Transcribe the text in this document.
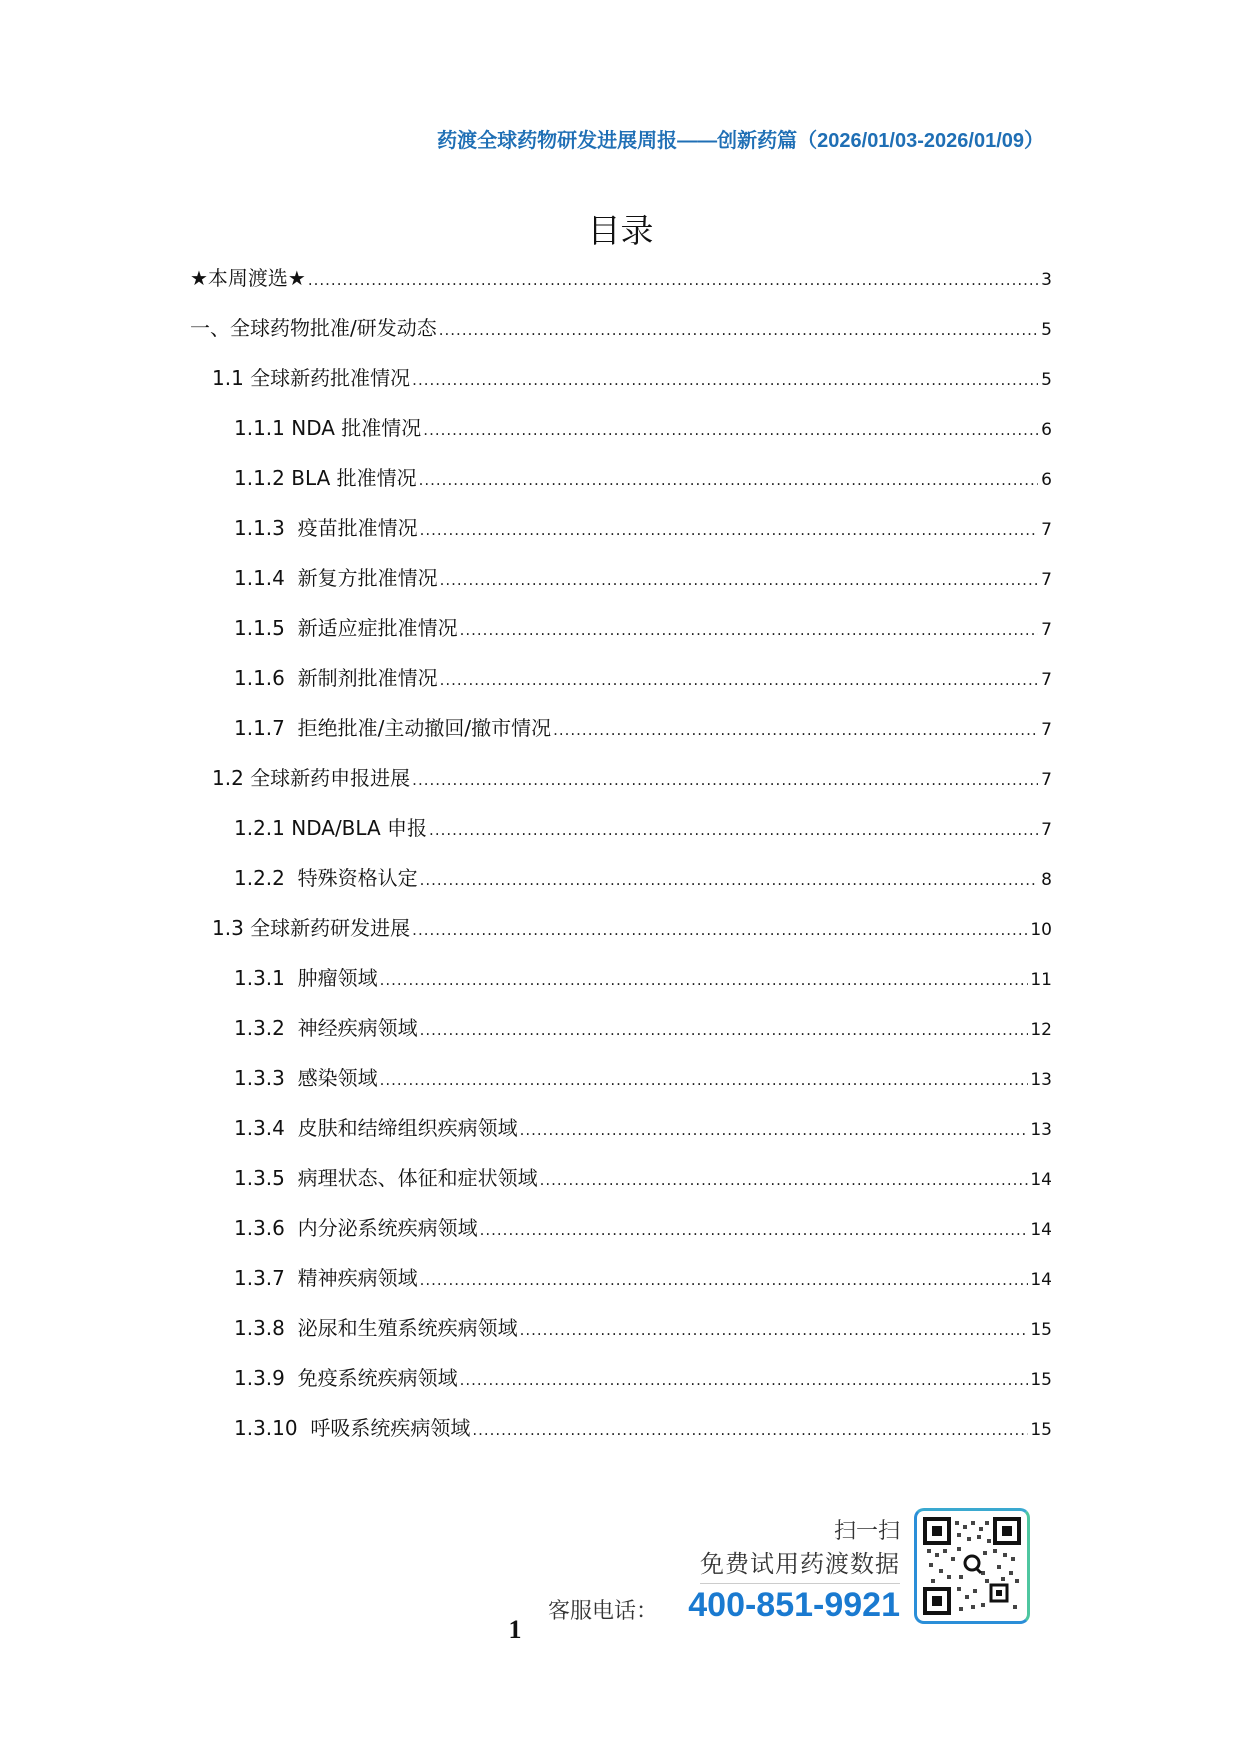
药渡全球药物研发进展周报——创新药篇（2026/01/03-2026/01/09）
目录
★本周渡选★ .....	3
一、全球药物批准/研发动态 .....	5
1.1 全球新药批准情况 .....	5
1.1.1 NDA 批准情况 .....	6
1.1.2 BLA 批准情况 .....	6
1.1.3  疫苗批准情况 .....	7
1.1.4  新复方批准情况 .....	7
1.1.5  新适应症批准情况 .....	7
1.1.6  新制剂批准情况 .....	7
1.1.7  拒绝批准/主动撤回/撤市情况 .....	7
1.2 全球新药申报进展 .....	7
1.2.1 NDA/BLA 申报 .....	7
1.2.2  特殊资格认定 .....	8
1.3 全球新药研发进展 .....	10
1.3.1  肿瘤领域 .....	11
1.3.2  神经疾病领域 .....	12
1.3.3  感染领域 .....	13
1.3.4  皮肤和结缔组织疾病领域 .....	13
1.3.5  病理状态、体征和症状领域 .....	14
1.3.6  内分泌系统疾病领域 .....	14
1.3.7  精神疾病领域 .....	14
1.3.8  泌尿和生殖系统疾病领域 .....	15
1.3.9  免疫系统疾病领域 .....	15
1.3.10  呼吸系统疾病领域 .....	15
扫一扫
免费试用药渡数据
客服电话： 400-851-9921
1
